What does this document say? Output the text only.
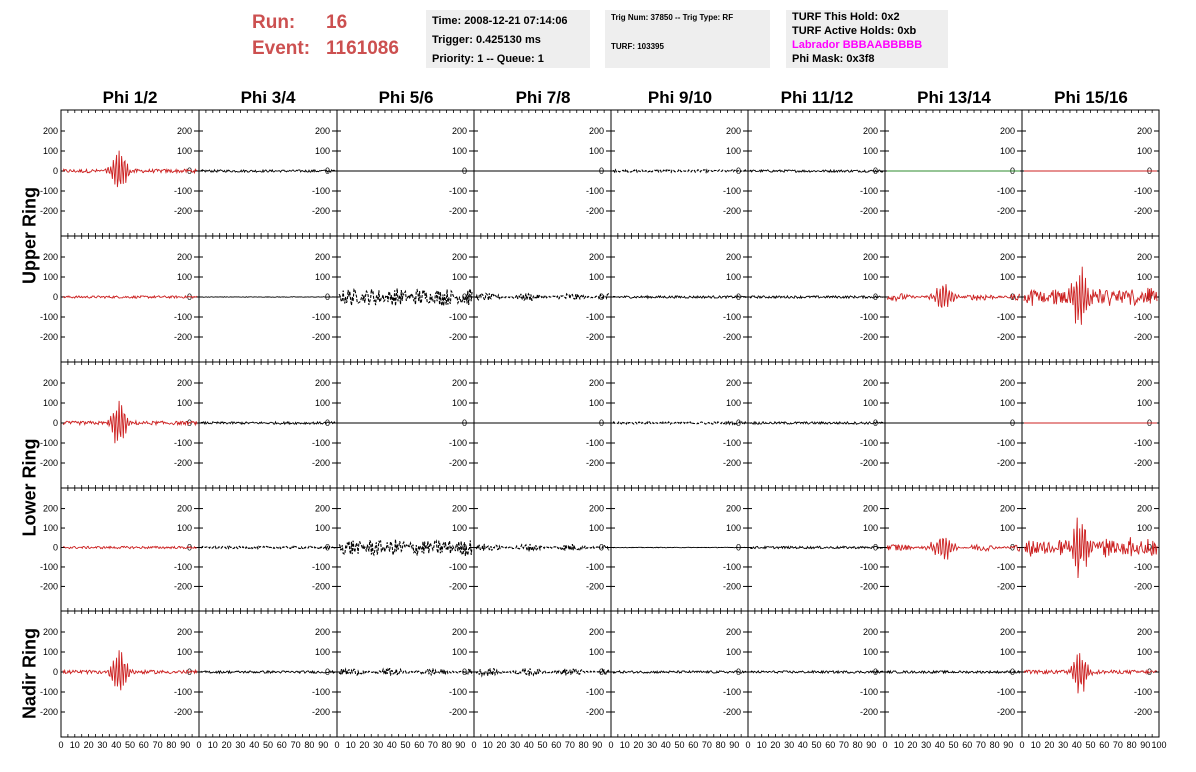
Run: 16
Event: 1161086
Time: 2008-12-21 07:14:06
Trigger: 0.425130 ms
Priority: 1 -- Queue: 1
Trig Num: 37850 -- Trig Type: RF
TURF: 103395
TURF This Hold: 0x2
TURF Active Holds: 0xb
Labrador BBBAABBBBB
Phi Mask: 0x3f8
Phi 1/2	Phi 3/4	Phi 5/6	Phi 7/8	Phi 9/10	Phi 11/12	Phi 13/14	Phi 15/16
Upper Ring
Lower Ring
Nadir Ring
200
200
100
100
0
0
-100
-100
-200
-200
200
100
0
-100
-200
200
100
0
-100
-200
200
100
0
-100
-200
200
100
0
-100
-200
200
100
0
-100
-200
200
100
0
-100
-200
200
100
0
-100
-200
200
200
100
100
0
0
-100
-100
-200
-200
200
100
0
-100
-200
200
100
0
-100
-200
200
100
0
-100
-200
200
100
0
-100
-200
200
100
0
-100
-200
200
100
0
-100
-200
200
100
0
-100
-200
200
200
100
100
0
0
-100
-100
-200
-200
200
100
0
-100
-200
200
100
0
-100
-200
200
100
0
-100
-200
200
100
0
-100
-200
200
100
0
-100
-200
200
100
0
-100
-200
200
100
0
-100
-200
200
200
100
100
0
0
-100
-100
-200
-200
200
100
0
-100
-200
200
100
0
-100
-200
200
100
0
-100
-200
200
100
0
-100
-200
200
100
0
-100
-200
200
100
0
-100
-200
200
100
0
-100
-200
200
200
100
100
0
0
-100
-100
-200
-200
200
100
0
-100
-200
200
100
0
-100
-200
200
100
0
-100
-200
200
100
0
-100
-200
200
100
0
-100
-200
200
100
0
-100
-200
200
100
0
-100
-200
0 10 20 30 40 50 60 70 80 90 0 10 20 30 40 50 60 70 80 90 0 10 20 30 40 50 60 70 80 90 0 10 20 30 40 50 60 70 80 90 0 10 20 30 40 50 60 70 80 90 0 10 20 30 40 50 60 70 80 90 0 10 20 30 40 50 60 70 80 90 0 10 20 30 40 50 60 70 80 90 100
